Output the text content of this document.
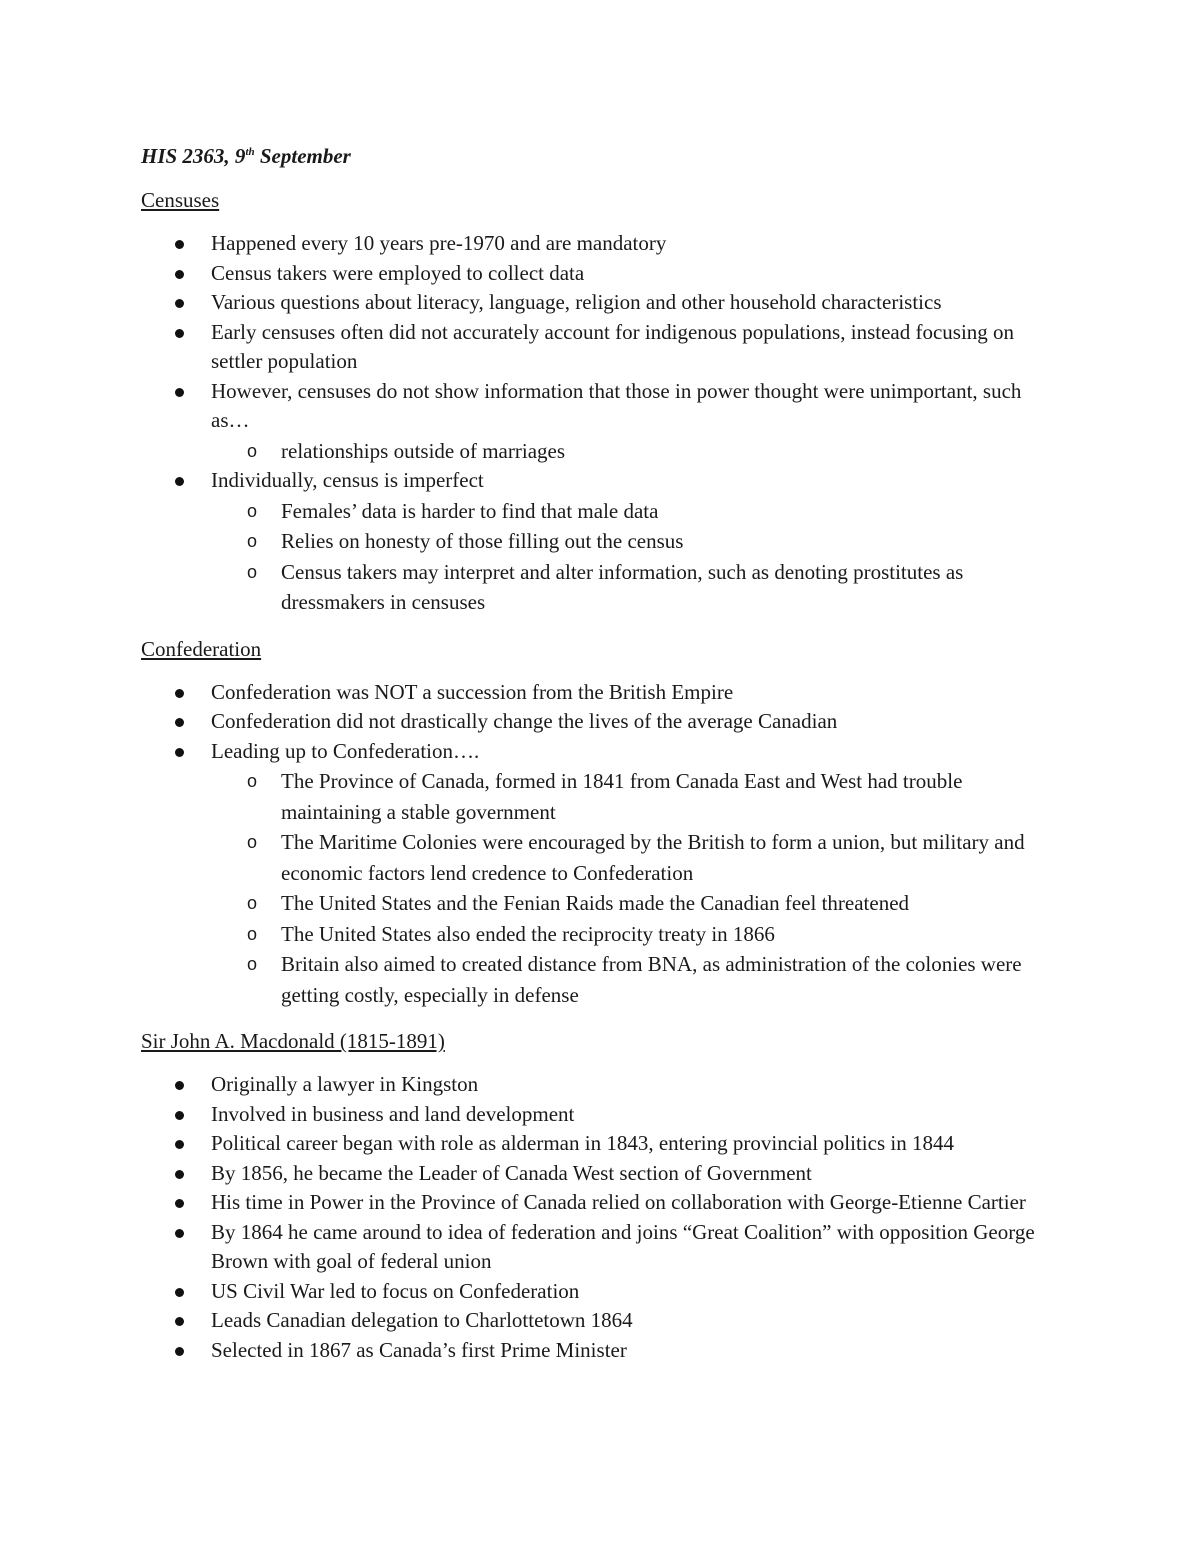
HIS 2363, 9th September
Censuses
Happened every 10 years pre-1970 and are mandatory
Census takers were employed to collect data
Various questions about literacy, language, religion and other household characteristics
Early censuses often did not accurately account for indigenous populations, instead focusing on settler population
However, censuses do not show information that those in power thought were unimportant, such as…
o relationships outside of marriages
Individually, census is imperfect
o Females’ data is harder to find that male data
o Relies on honesty of those filling out the census
o Census takers may interpret and alter information, such as denoting prostitutes as dressmakers in censuses
Confederation
Confederation was NOT a succession from the British Empire
Confederation did not drastically change the lives of the average Canadian
Leading up to Confederation….
o The Province of Canada, formed in 1841 from Canada East and West had trouble maintaining a stable government
o The Maritime Colonies were encouraged by the British to form a union, but military and economic factors lend credence to Confederation
o The United States and the Fenian Raids made the Canadian feel threatened
o The United States also ended the reciprocity treaty in 1866
o Britain also aimed to created distance from BNA, as administration of the colonies were getting costly, especially in defense
Sir John A. Macdonald (1815-1891)
Originally a lawyer in Kingston
Involved in business and land development
Political career began with role as alderman in 1843, entering provincial politics in 1844
By 1856, he became the Leader of Canada West section of Government
His time in Power in the Province of Canada relied on collaboration with George-Etienne Cartier
By 1864 he came around to idea of federation and joins “Great Coalition” with opposition George Brown with goal of federal union
US Civil War led to focus on Confederation
Leads Canadian delegation to Charlottetown 1864
Selected in 1867 as Canada’s first Prime Minister
